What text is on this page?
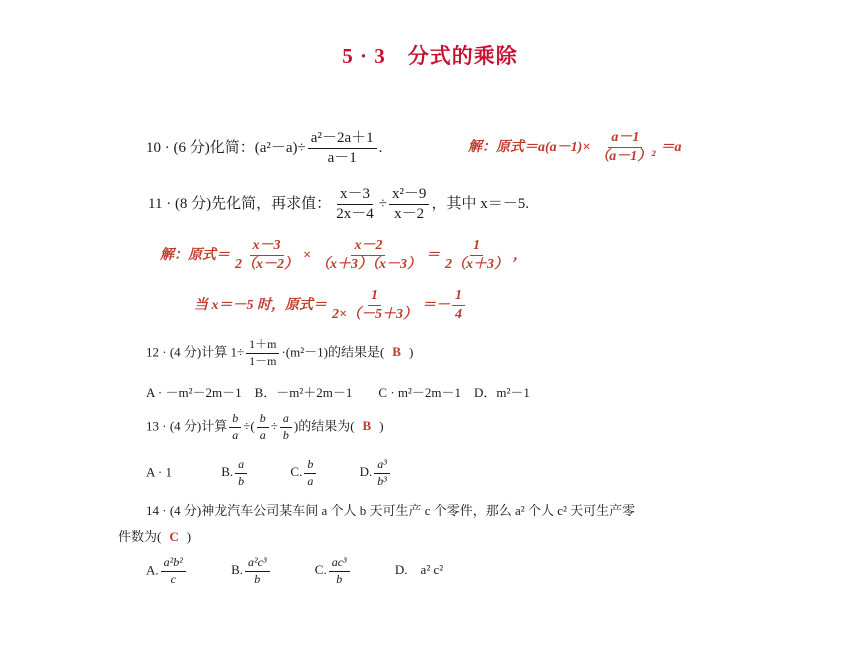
5 · 3　分式的乘除
10 · (6 分)化简：$(a^2-a)\div \frac{\text{a²－2a＋1}}{a-1}$ .	解：原式$=a(a-1)\times \frac{a-1}{\text{（a－1）²}} =a$
11 · (8 分)先化简，再求值： $\frac{x-3}{2x-4} \div \frac{\text{x²－9}}{x-2}$ ，其中 x＝－5.
解：原式＝ $\frac{x-3}{2(x-2)} \times \frac{x-2}{(x+3)(x-3)} = \frac{1}{2(x+3)}$ ，
当 x＝－5 时，原式＝ $\frac{1}{2\times(-5+3)} =- \frac{1}{4}$
12 · (4 分)计算 $1\div \frac{1+m}{1-m} \cdot(m^2-1)$的结果是( B )
A · －m²－2m－1　B．－m²＋2m－1　　C · m²－2m－1　D．m²－1
13 · (4 分)计算 $\frac{b}{a}$ ÷( $\frac{b}{a} \div \frac{a}{b}$ )的结果为( B )
A · 1	B. $\frac{a}{b}$	C. $\frac{b}{a}$	D. $\frac{\text{a³}}{\text{b³}}$
14 · (4 分)神龙汽车公司某车间 a 个人 b 天可生产 c 个零件，那么 a² 个人 c² 天可生产零
件数为( C )
A. $\frac{\text{a²b²}}{c}$	B. $\frac{\text{a²c³}}{b}$	C. $\frac{\text{ac³}}{b}$	D.　a² c²
